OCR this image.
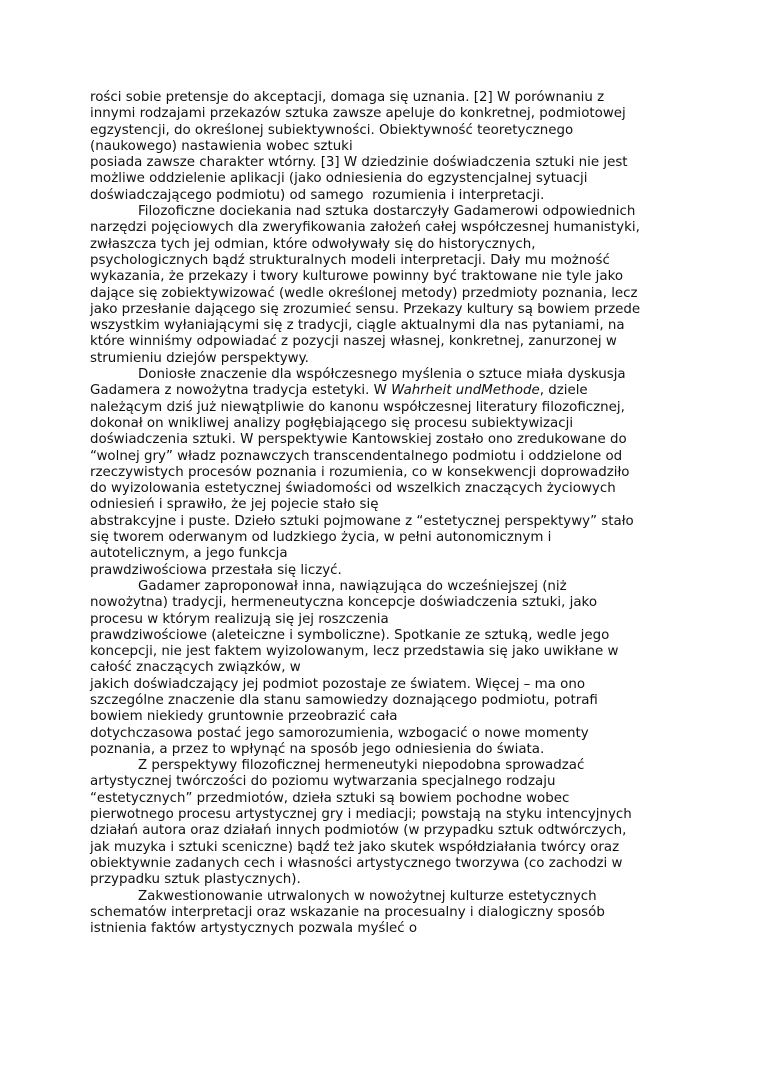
rości sobie pretensje do akceptacji, domaga się uznania. [2] W porównaniu z
innymi rodzajami przekazów sztuka zawsze apeluje do konkretnej, podmiotowej
egzystencji, do określonej subiektywności. Obiektywność teoretycznego
(naukowego) nastawienia wobec sztuki
posiada zawsze charakter wtórny. [3] W dziedzinie doświadczenia sztuki nie jest
możliwe oddzielenie aplikacji (jako odniesienia do egzystencjalnej sytuacji
doświadczającego podmiotu) od samego  rozumienia i interpretacji.
Filozoficzne dociekania nad sztuka dostarczyły Gadamerowi odpowiednich
narzędzi pojęciowych dla zweryfikowania założeń całej współczesnej humanistyki,
zwłaszcza tych jej odmian, które odwoływały się do historycznych,
psychologicznych bądź strukturalnych modeli interpretacji. Dały mu możność
wykazania, że przekazy i twory kulturowe powinny być traktowane nie tyle jako
dające się zobiektywizować (wedle określonej metody) przedmioty poznania, lecz
jako przesłanie dającego się zrozumieć sensu. Przekazy kultury są bowiem przede
wszystkim wyłaniającymi się z tradycji, ciągle aktualnymi dla nas pytaniami, na
które winniśmy odpowiadać z pozycji naszej własnej, konkretnej, zanurzonej w
strumieniu dziejów perspektywy.
Doniosłe znaczenie dla współczesnego myślenia o sztuce miała dyskusja
Gadamera z nowożytna tradycja estetyki. W Wahrheit undMethode, dziele
należącym dziś już niewątpliwie do kanonu współczesnej literatury filozoficznej,
dokonał on wnikliwej analizy pogłębiającego się procesu subiektywizacji
doświadczenia sztuki. W perspektywie Kantowskiej zostało ono zredukowane do
“wolnej gry” władz poznawczych transcendentalnego podmiotu i oddzielone od
rzeczywistych procesów poznania i rozumienia, co w konsekwencji doprowadziło
do wyizolowania estetycznej świadomości od wszelkich znaczących życiowych
odniesień i sprawiło, że jej pojecie stało się
abstrakcyjne i puste. Dzieło sztuki pojmowane z “estetycznej perspektywy” stało
się tworem oderwanym od ludzkiego życia, w pełni autonomicznym i
autotelicznym, a jego funkcja
prawdziwościowa przestała się liczyć.
Gadamer zaproponował inna, nawiązująca do wcześniejszej (niż
nowożytna) tradycji, hermeneutyczna koncepcje doświadczenia sztuki, jako
procesu w którym realizują się jej roszczenia
prawdziwościowe (aleteiczne i symboliczne). Spotkanie ze sztuką, wedle jego
koncepcji, nie jest faktem wyizolowanym, lecz przedstawia się jako uwikłane w
całość znaczących związków, w
jakich doświadczający jej podmiot pozostaje ze światem. Więcej – ma ono
szczególne znaczenie dla stanu samowiedzy doznającego podmiotu, potrafi
bowiem niekiedy gruntownie przeobrazić cała
dotychczasowa postać jego samorozumienia, wzbogacić o nowe momenty
poznania, a przez to wpłynąć na sposób jego odniesienia do świata.
Z perspektywy filozoficznej hermeneutyki niepodobna sprowadzać
artystycznej twórczości do poziomu wytwarzania specjalnego rodzaju
“estetycznych” przedmiotów, dzieła sztuki są bowiem pochodne wobec
pierwotnego procesu artystycznej gry i mediacji; powstają na styku intencyjnych
działań autora oraz działań innych podmiotów (w przypadku sztuk odtwórczych,
jak muzyka i sztuki sceniczne) bądź też jako skutek współdziałania twórcy oraz
obiektywnie zadanych cech i własności artystycznego tworzywa (co zachodzi w
przypadku sztuk plastycznych).
Zakwestionowanie utrwalonych w nowożytnej kulturze estetycznych
schematów interpretacji oraz wskazanie na procesualny i dialogiczny sposób
istnienia faktów artystycznych pozwala myśleć o
